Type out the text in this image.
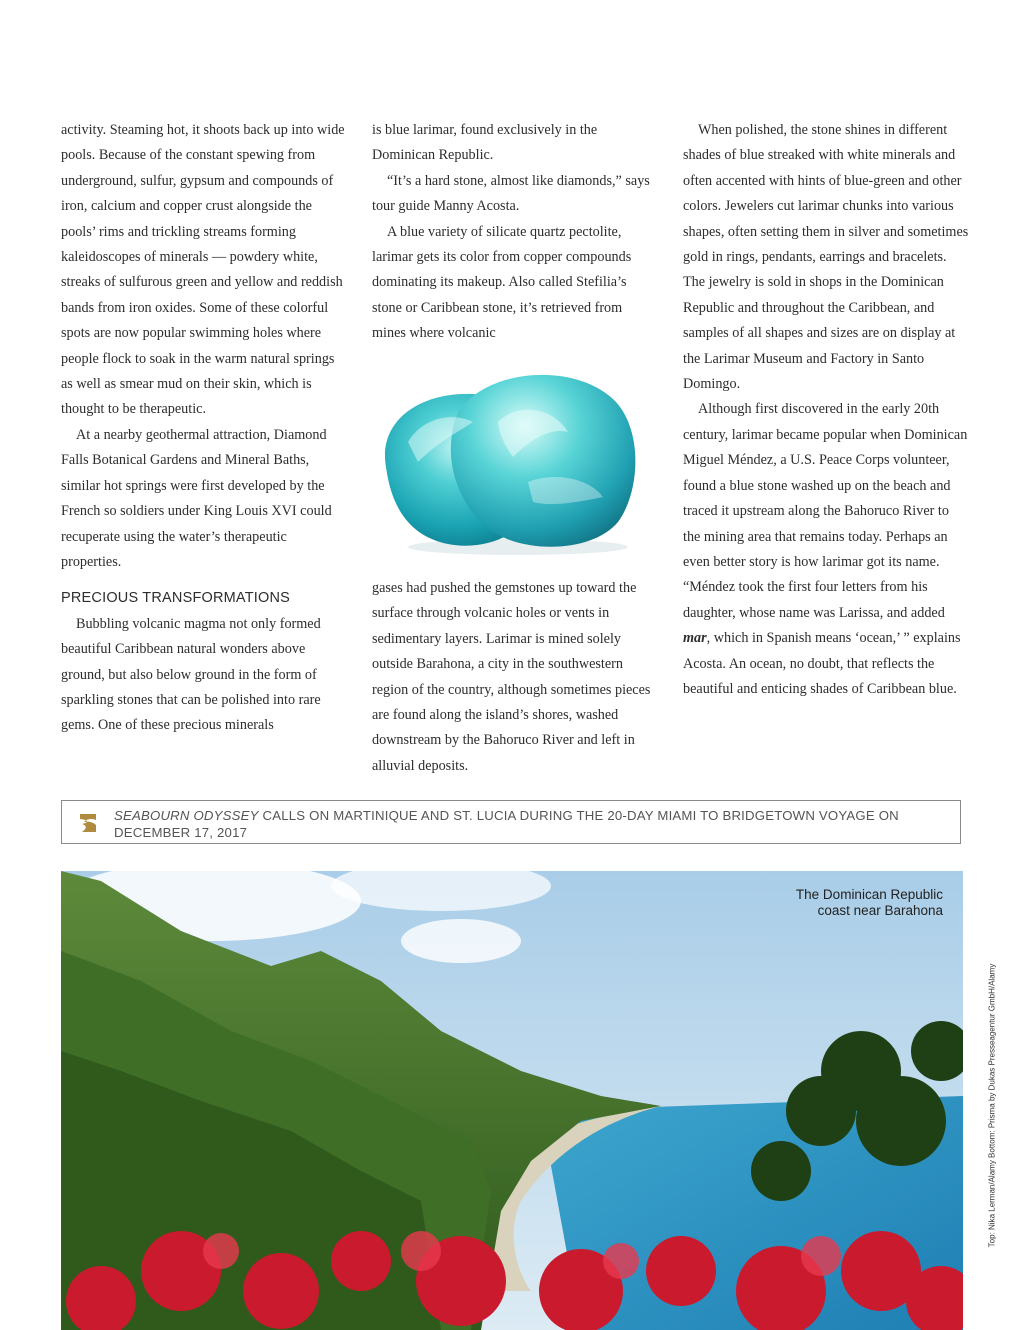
activity. Steaming hot, it shoots back up into wide pools. Because of the constant spewing from underground, sulfur, gypsum and compounds of iron, calcium and copper crust alongside the pools’ rims and trickling streams forming kaleidoscopes of minerals — powdery white, streaks of sulfurous green and yellow and reddish bands from iron oxides. Some of these colorful spots are now popular swimming holes where people flock to soak in the warm natural springs as well as smear mud on their skin, which is thought to be therapeutic.

At a nearby geothermal attraction, Diamond Falls Botanical Gardens and Mineral Baths, similar hot springs were first developed by the French so soldiers under King Louis XVI could recuperate using the water’s therapeutic properties.

PRECIOUS TRANSFORMATIONS

Bubbling volcanic magma not only formed beautiful Caribbean natural wonders above ground, but also below ground in the form of sparkling stones that can be polished into rare gems. One of these precious minerals

is blue larimar, found exclusively in the Dominican Republic.

“It’s a hard stone, almost like diamonds,” says tour guide Manny Acosta.

A blue variety of silicate quartz pectolite, larimar gets its color from copper compounds dominating its makeup. Also called Stefilia’s stone or Caribbean stone, it’s retrieved from mines where volcanic

gases had pushed the gemstones up toward the surface through volcanic holes or vents in sedimentary layers. Larimar is mined solely outside Barahona, a city in the southwestern region of the country, although sometimes pieces are found along the island’s shores, washed downstream by the Bahoruco River and left in alluvial deposits.

When polished, the stone shines in different shades of blue streaked with white minerals and often accented with hints of blue-green and other colors. Jewelers cut larimar chunks into various shapes, often setting them in silver and sometimes gold in rings, pendants, earrings and bracelets. The jewelry is sold in shops in the Dominican Republic and throughout the Caribbean, and samples of all shapes and sizes are on display at the Larimar Museum and Factory in Santo Domingo.

Although first discovered in the early 20th century, larimar became popular when Dominican Miguel Méndez, a U.S. Peace Corps volunteer, found a blue stone washed up on the beach and traced it upstream along the Bahoruco River to the mining area that remains today. Perhaps an even better story is how larimar got its name. “Méndez took the first four letters from his daughter, whose name was Larissa, and added mar, which in Spanish means ‘ocean,’ ” explains Acosta. An ocean, no doubt, that reflects the beautiful and enticing shades of Caribbean blue.

SEABOURN ODYSSEY CALLS ON MARTINIQUE AND ST. LUCIA DURING THE 20-DAY MIAMI TO BRIDGETOWN VOYAGE ON DECEMBER 17, 2017
The Dominican Republic
coast near Barahona
Top: Nika Lerman/Alamy Bottom: Prisma by Dukas Presseagentur GmbH/Alamy
